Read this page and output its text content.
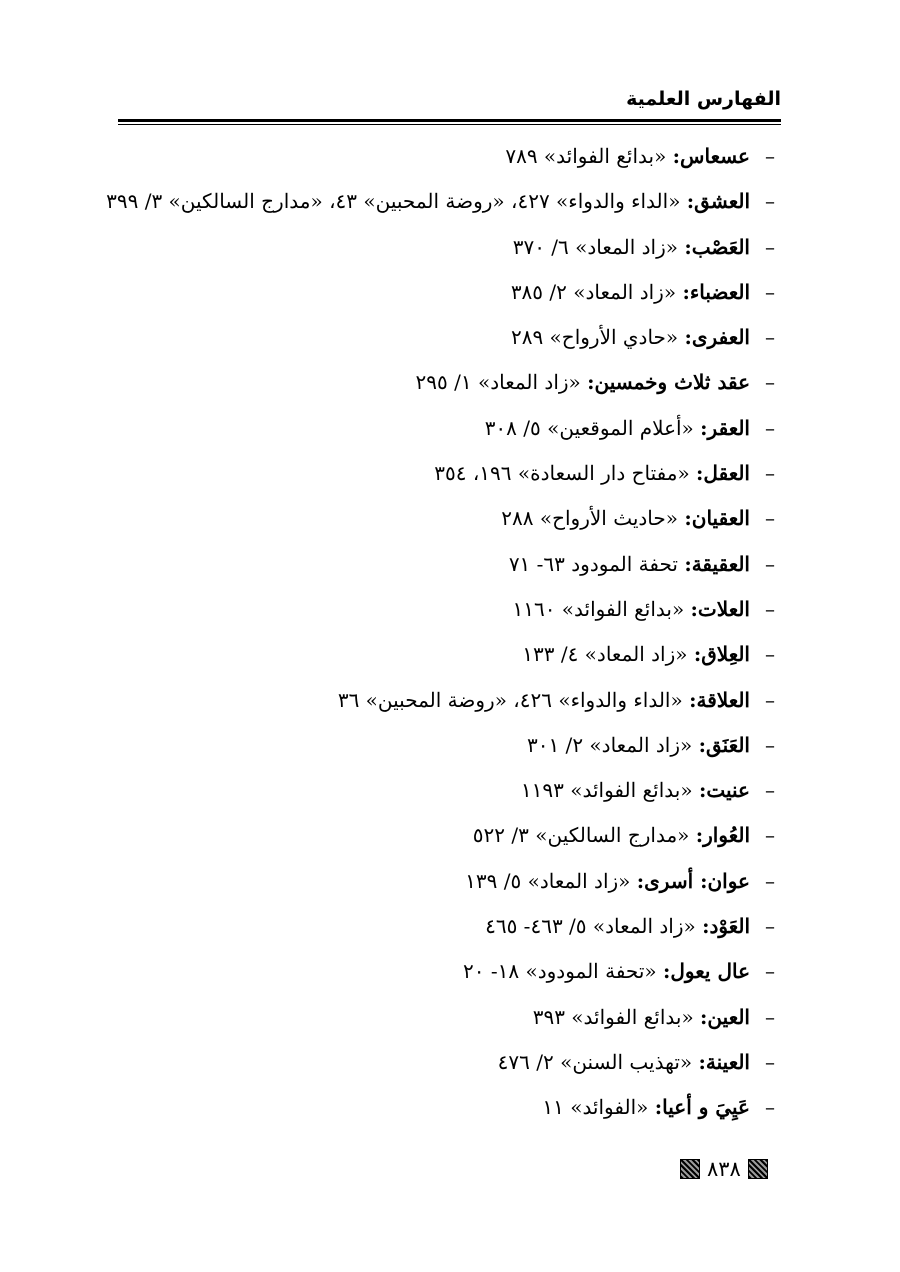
الفهارس العلمية
–عسعاس: «بدائع الفوائد» ٧٨٩
–العشق: «الداء والدواء» ٤٢٧، «روضة المحبين» ٤٣، «مدارج السالكين» ٣/ ٣٩٩
–العَصْب: «زاد المعاد» ٦/ ٣٧٠
–العضباء: «زاد المعاد» ٢/ ٣٨٥
–العفرى: «حادي الأرواح» ٢٨٩
–عقد ثلاث وخمسين: «زاد المعاد» ١/ ٢٩٥
–العقر: «أعلام الموقعين» ٥/ ٣٠٨
–العقل: «مفتاح دار السعادة» ١٩٦، ٣٥٤
–العقيان: «حاديث الأرواح» ٢٨٨
–العقيقة: تحفة المودود ٦٣- ٧١
–العلات: «بدائع الفوائد» ١١٦٠
–العِلاق: «زاد المعاد» ٤/ ١٣٣
–العلاقة: «الداء والدواء» ٤٢٦، «روضة المحبين» ٣٦
–العَنَق: «زاد المعاد» ٢/ ٣٠١
–عنيت: «بدائع الفوائد» ١١٩٣
–العُوار: «مدارج السالكين» ٣/ ٥٢٢
–عوان: أسرى: «زاد المعاد» ٥/ ١٣٩
–العَوْد: «زاد المعاد» ٥/ ٤٦٣- ٤٦٥
–عال يعول: «تحفة المودود» ١٨- ٢٠
–العين: «بدائع الفوائد» ٣٩٣
–العينة: «تهذيب السنن» ٢/ ٤٧٦
–عَيِيَ و أعيا: «الفوائد» ١١
٨٣٨
